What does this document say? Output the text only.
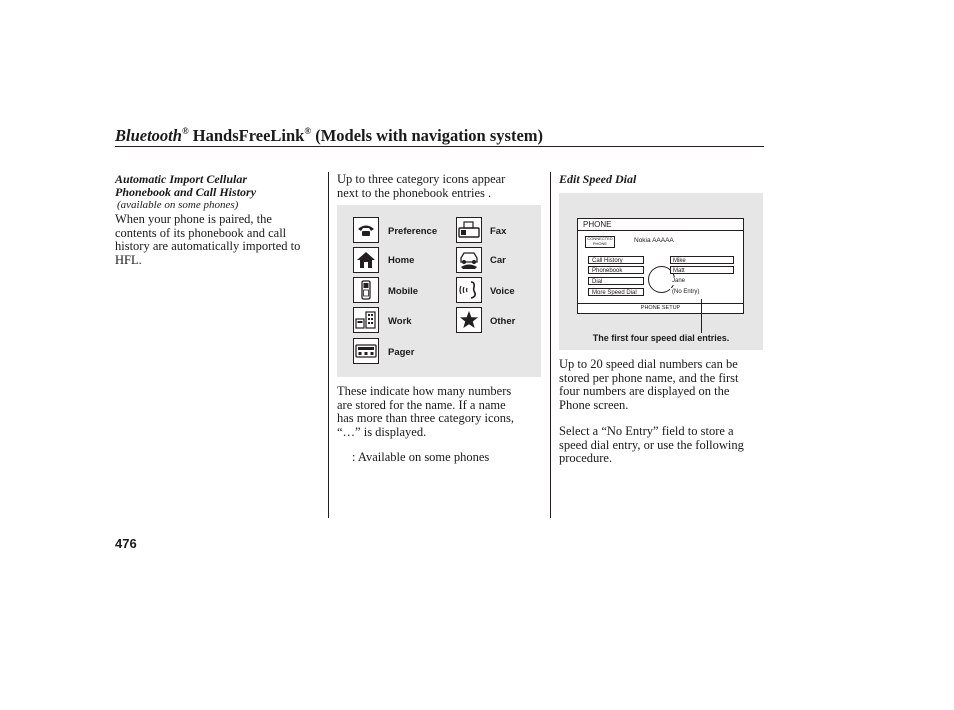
Bluetooth® HandsFreeLink® (Models with navigation system)
Automatic Import Cellular
Phonebook and Call History
(available on some phones)
When your phone is paired, the
contents of its phonebook and call
history are automatically imported to
HFL.
Up to three category icons appear
next to the phonebook entries .
Preference	Fax
Home	Car
Mobile	Voice
Work	Other
Pager
These indicate how many numbers
are stored for the name. If a name
has more than three category icons,
“…” is displayed.
: Available on some phones
Edit Speed Dial
PHONE
CONNECTED
PHONE	Nokia AAAAA
Call History
Phonebook
Dial
More Speed Dial
Mike
Matt
Jane
(No Entry)
PHONE SETUP
The first four speed dial entries.
Up to 20 speed dial numbers can be
stored per phone name, and the first
four numbers are displayed on the
Phone screen.
Select a “No Entry” field to store a
speed dial entry, or use the following
procedure.
476
